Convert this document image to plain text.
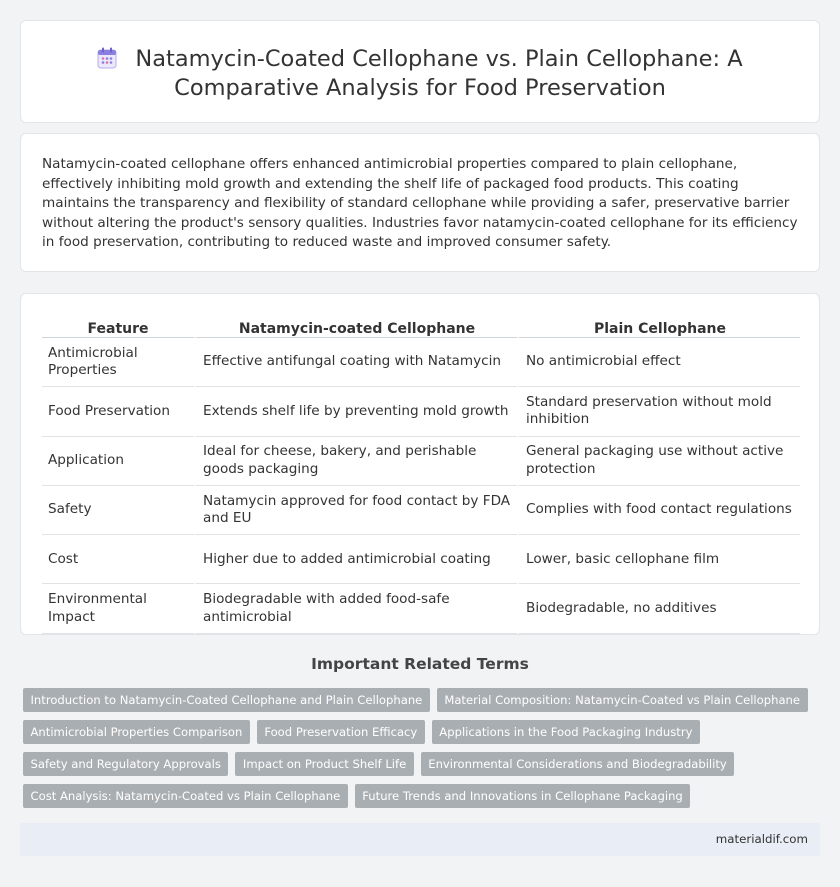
Natamycin-Coated Cellophane vs. Plain Cellophane: A
Comparative Analysis for Food Preservation

Natamycin-coated cellophane offers enhanced antimicrobial properties compared to plain cellophane, effectively inhibiting mold growth and extending the shelf life of packaged food products. This coating maintains the transparency and flexibility of standard cellophane while providing a safer, preservative barrier without altering the product's sensory qualities. Industries favor natamycin-coated cellophane for its efficiency in food preservation, contributing to reduced waste and improved consumer safety.

Feature	Natamycin-coated Cellophane	Plain Cellophane
Antimicrobial Properties	Effective antifungal coating with Natamycin	No antimicrobial effect
Food Preservation	Extends shelf life by preventing mold growth	Standard preservation without mold inhibition
Application	Ideal for cheese, bakery, and perishable goods packaging	General packaging use without active protection
Safety	Natamycin approved for food contact by FDA and EU	Complies with food contact regulations
Cost	Higher due to added antimicrobial coating	Lower, basic cellophane film
Environmental Impact	Biodegradable with added food-safe antimicrobial	Biodegradable, no additives
Important Related Terms
Introduction to Natamycin-Coated Cellophane and Plain Cellophane	Material Composition: Natamycin-Coated vs Plain Cellophane
Antimicrobial Properties Comparison	Food Preservation Efficacy	Applications in the Food Packaging Industry
Safety and Regulatory Approvals	Impact on Product Shelf Life	Environmental Considerations and Biodegradability
Cost Analysis: Natamycin-Coated vs Plain Cellophane	Future Trends and Innovations in Cellophane Packaging
materialdif.com
